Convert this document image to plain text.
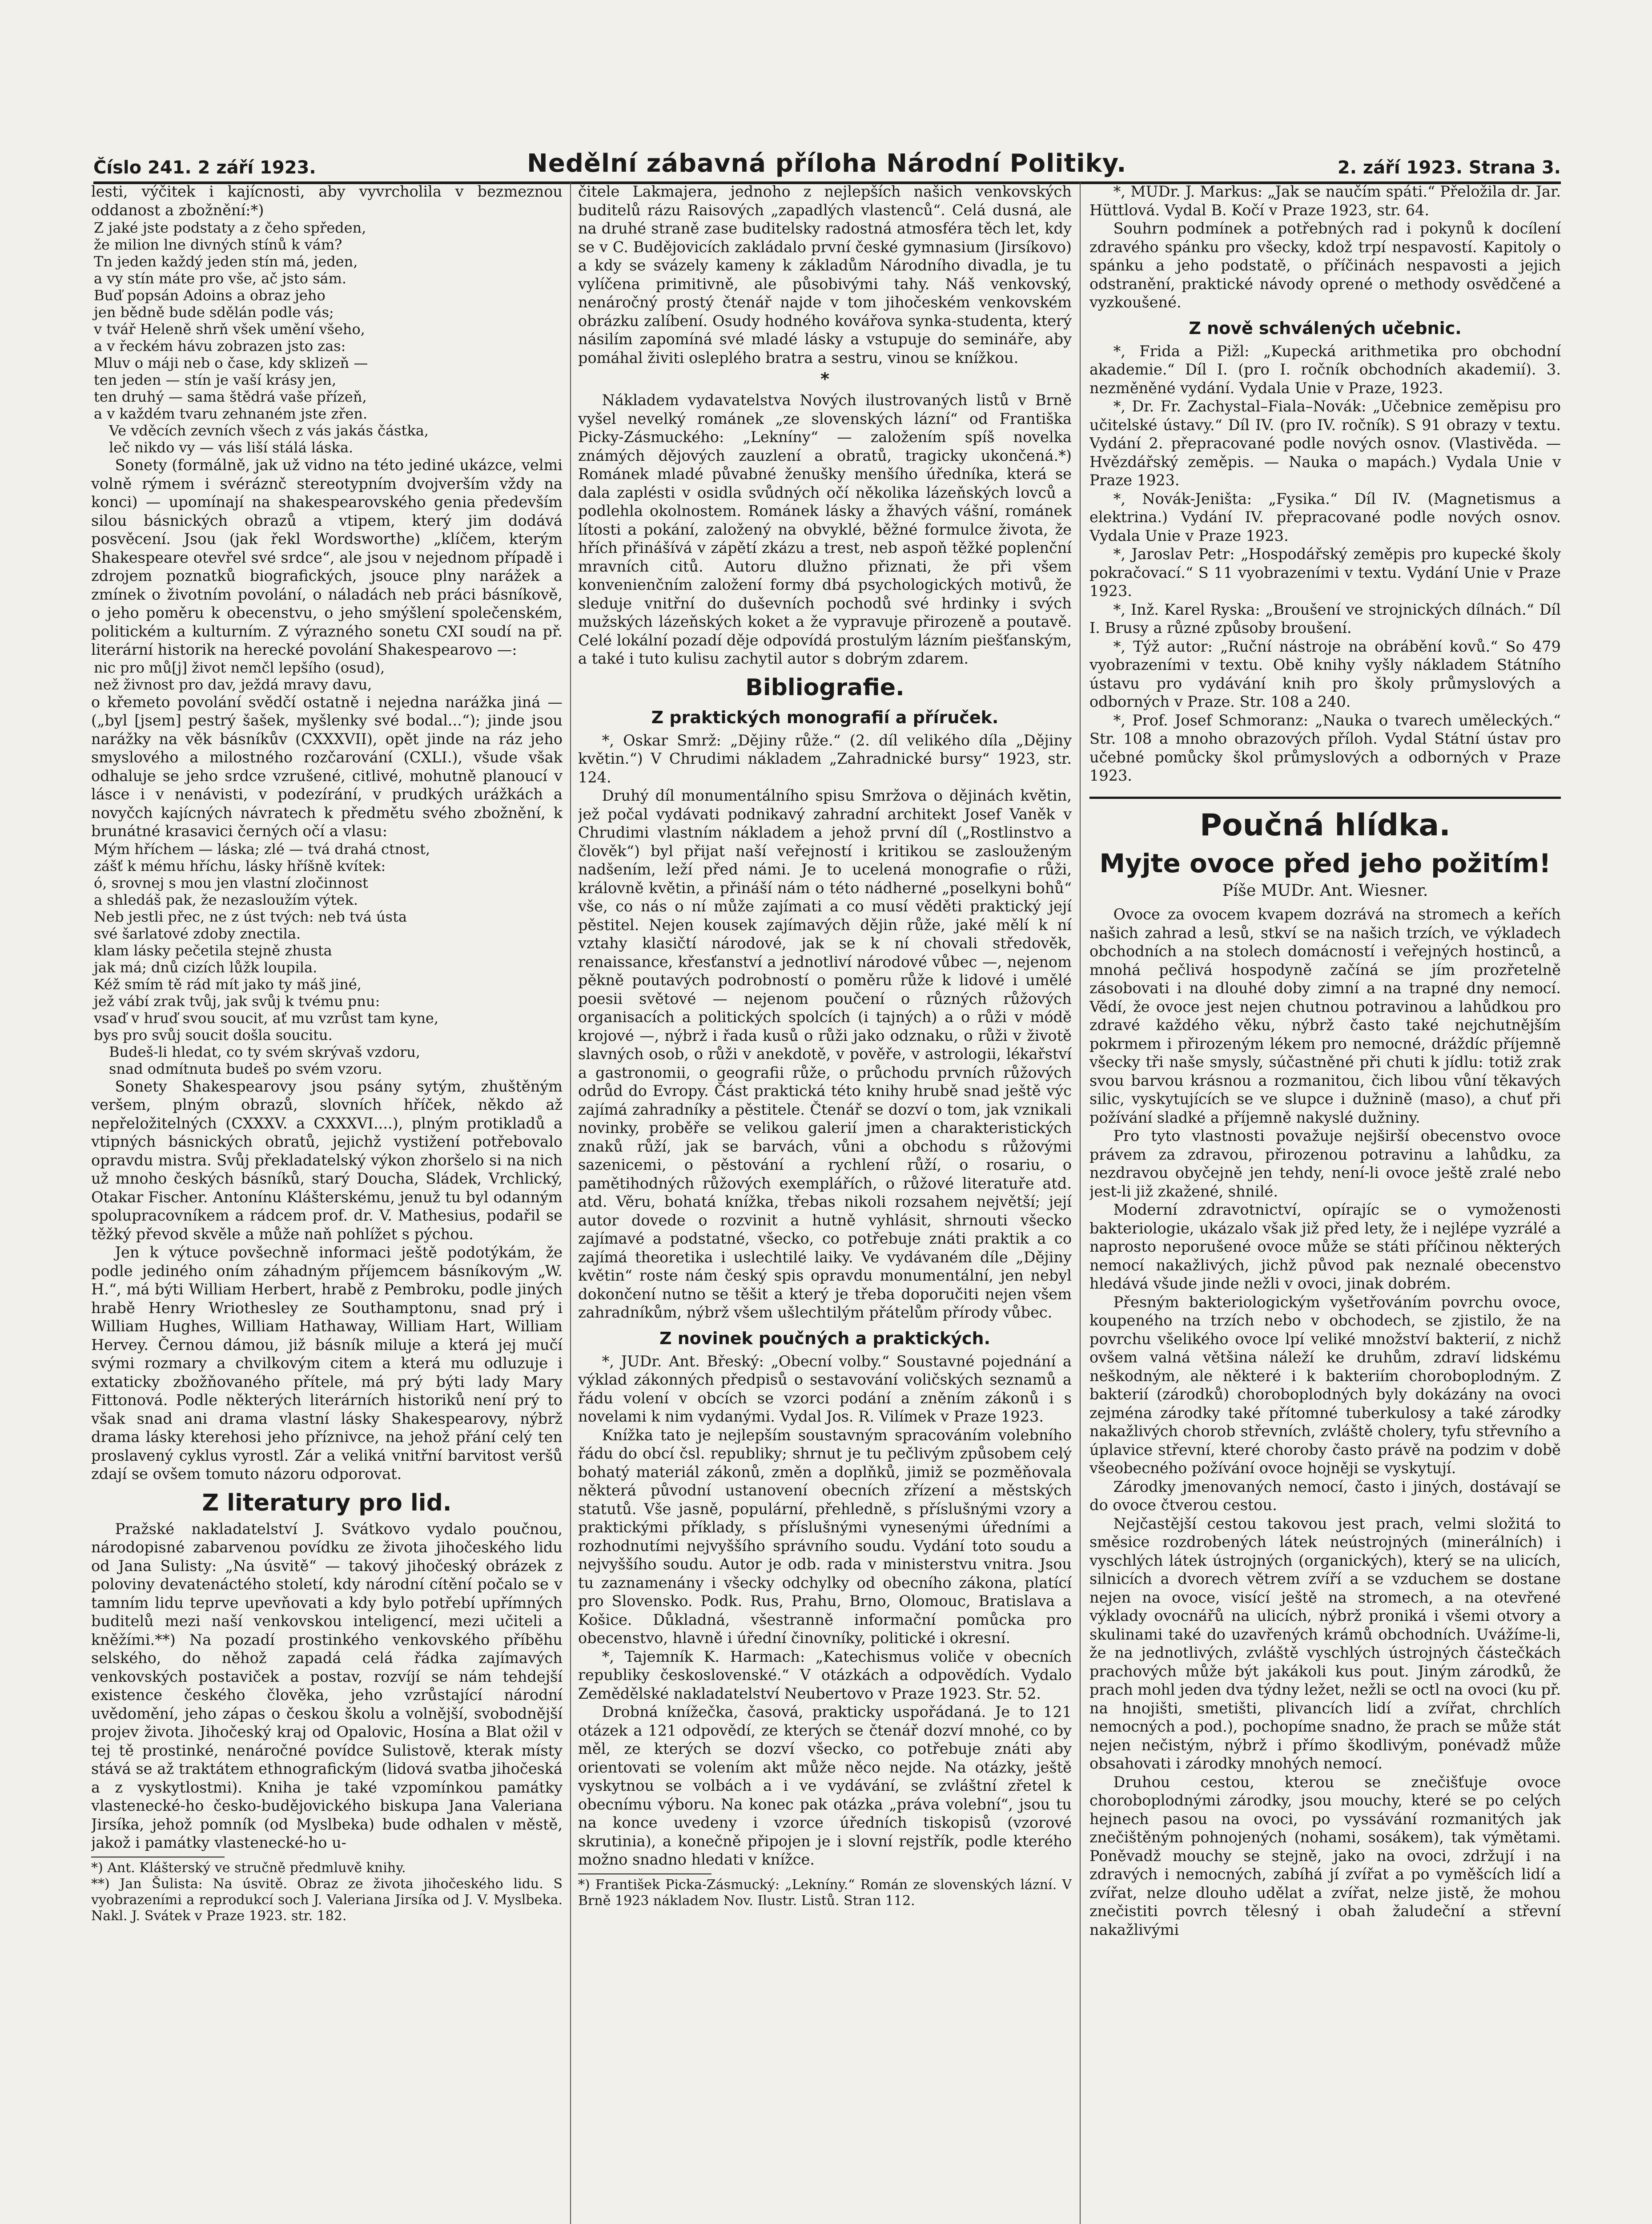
Číslo 241. 2 září 1923.	Nedělní zábavná příloha Národní Politiky.	2. září 1923. Strana 3.

lesti, výčitek i kajícnosti, aby vyvrcholila v bezmeznou oddanost a zbožnění:*)

Z jaké jste podstaty a z čeho spředen,
že milion lne divných stínů k vám?
Tn jeden každý jeden stín má, jeden,
a vy stín máte pro vše, ač jsto sám.
Buď popsán Adoins a obraz jeho
jen bědně bude sdělán podle vás;
v tvář Heleně shrň všek umění všeho,
a v řeckém hávu zobrazen jsto zas:
Mluv o máji neb o čase, kdy sklizeň —
ten jeden — stín je vaší krásy jen,
ten druhý — sama štědrá vaše přízeň,
a v každém tvaru zehnaném jste zřen.
Ve vděcích zevních všech z vás jakás částka,
leč nikdo vy — vás liší stálá láska.

Sonety (formálně, jak už vidno na této jediné ukázce, velmi volně rýmem i svéráznč stereotypním dvojverším vždy na konci) — upomínají na shakespearovského genia především silou básnických obrazů a vtipem, který jim dodává posvěcení. Jsou (jak řekl Wordsworthe) „klíčem, kterým Shakespeare otevřel své srdce“, ale jsou v nejednom případě i zdrojem poznatků biografických, jsouce plny narážek a zmínek o životním povolání, o náladách neb práci básníkově, o jeho poměru k obecenstvu, o jeho smýšlení společenském, politickém a kulturním. Z výrazného sonetu CXI soudí na př. literární historik na herecké povolání Shakespearovo —:

nic pro mů[j] život nemčl lepšího (osud),
než živnost pro dav, ježdá mravy davu,

o křemeto povolání svědčí ostatně i nejedna narážka jiná — („byl [jsem] pestrý šašek, myšlenky své bodal...“); jinde jsou narážky na věk básníkův (CXXXVII), opět jinde na ráz jeho smyslového a milostného rozčarování (CXLI.), všude však odhaluje se jeho srdce vzrušené, citlivé, mohutně planoucí v lásce i v nenávisti, v podezírání, v prudkých urážkách a novyčch kajícných návratech k předmětu svého zbožnění, k brunátné krasavici černých očí a vlasu:

Mým hříchem — láska; zlé — tvá drahá ctnost,
zášť k mému hříchu, lásky hříšně kvítek:
ó, srovnej s mou jen vlastní zločinnost
a shledáš pak, že nezasloužím výtek.
Neb jestli přec, ne z úst tvých: neb tvá ústa
své šarlatové zdoby znectila.
klam lásky pečetila stejně zhusta
jak má; dnů cizích lůžk loupila.
Kéž smím tě rád mít jako ty máš jiné,
jež vábí zrak tvůj, jak svůj k tvému pnu:
vsaď v hruď svou soucit, ať mu vzrůst tam kyne,
bys pro svůj soucit došla soucitu.
Budeš-li hledat, co ty svém skrývaš vzdoru,
snad odmítnuta budeš po svém vzoru.

Sonety Shakespearovy jsou psány sytým, zhuštěným veršem, plným obrazů, slovních hříček, někdo až nepřeložitelných (CXXXV. a CXXXVI....), plným protikladů a vtipných básnických obratů, jejichž vystižení potřebovalo opravdu mistra. Svůj překladatelský výkon zhoršelo si na nich už mnoho českých básníků, starý Doucha, Sládek, Vrchlický, Otakar Fischer. Antonínu Klášterskému, jenuž tu byl odanným spolupracovníkem a rádcem prof. dr. V. Mathesius, podařil se těžký převod skvěle a může naň pohlížet s pýchou.

Jen k výtuce povšechně informaci ještě podotýkám, že podle jediného oním záhadným příjemcem básníkovým „W. H.“, má býti William Herbert, hrabě z Pembroku, podle jiných hrabě Henry Wriothesley ze Southamptonu, snad prý i William Hughes, William Hathaway, William Hart, William Hervey. Černou dámou, již básník miluje a která jej mučí svými rozmary a chvilkovým citem a která mu odluzuje i extaticky zbožňovaného přítele, má prý býti lady Mary Fittonová. Podle některých literárních historiků není prý to však snad ani drama vlastní lásky Shakespearovy, nýbrž drama lásky kterehosi jeho příznivce, na jehož přání celý ten proslavený cyklus vyrostl. Zár a veliká vnitřní barvitost veršů zdají se ovšem tomuto názoru odporovat.

Z literatury pro lid.

Pražské nakladatelství J. Svátkovo vydalo poučnou, národopisné zabarvenou povídku ze života jihočeského lidu od Jana Sulisty: „Na úsvitě“ — takový jihočeský obrázek z poloviny devatenáctého století, kdy národní cítění počalo se v tamním lidu teprve upevňovati a kdy bylo potřebí upřímných buditelů mezi naší venkovskou inteligencí, mezi učiteli a kněžími.**) Na pozadí prostinkého venkovského příběhu selského, do něhož zapadá celá řádka zajímavých venkovských postaviček a postav, rozvíjí se nám tehdejší existence českého člověka, jeho vzrůstající národní uvědomění, jeho zápas o českou školu a volnější, svobodnější projev života. Jihočeský kraj od Opalovic, Hosína a Blat ožil v tej tě prostinké, nenáročné povídce Sulistově, kterak místy stává se až traktátem ethnografickým (lidová svatba jihočeská a z vyskytlostmi). Kniha je také vzpomínkou památky vlastenecké-ho česko-budějovického biskupa Jana Valeriana Jirsíka, jehož pomník (od Myslbeka) bude odhalen v městě, jakož i památky vlastenecké-ho u-

*) Ant. Klášterský ve stručně předmluvě knihy.

**) Jan Šulista: Na úsvitě. Obraz ze života jihočeského lidu. S vyobrazeními a reprodukcí soch J. Valeriana Jirsíka od J. V. Myslbeka. Nakl. J. Svátek v Praze 1923. str. 182.

čitele Lakmajera, jednoho z nejlepších našich venkovských buditelů rázu Raisových „zapadlých vlastenců“. Celá dusná, ale na druhé straně zase buditelsky radostná atmosféra těch let, kdy se v C. Budějovicích zakládalo první české gymnasium (Jirsíkovo) a kdy se svázely kameny k základům Národního divadla, je tu vylíčena primitivně, ale působivými tahy. Náš venkovský, nenáročný prostý čtenář najde v tom jihočeském venkovském obrázku zalíbení. Osudy hodného kovářova synka-studenta, který násilím zapomíná své mladé lásky a vstupuje do semináře, aby pomáhal živiti osleplého bratra a sestru, vinou se knížkou.

*

Nákladem vydavatelstva Nových ilustrovaných listů v Brně vyšel nevelký románek „ze slovenských lázní“ od Františka Picky-Zásmuckého: „Lekníny“ — založením spíš novelka známých dějových zauzlení a obratů, tragicky ukončená.*) Románek mladé půvabné ženušky menšího úředníka, která se dala zaplésti v osidla svůdných očí několika lázeňských lovců a podlehla okolnostem. Románek lásky a žhavých vášní, románek lítosti a pokání, založený na obvyklé, běžné formulce života, že hřích přinášívá v zápětí zkázu a trest, neb aspoň těžké poplenční mravních citů. Autoru dlužno přiznati, že při všem konvenienčním založení formy dbá psychologických motivů, že sleduje vnitřní do duševních pochodů své hrdinky i svých mužských lázeňských koket a že vypravuje přirozeně a poutavě. Celé lokální pozadí děje odpovídá prostulým lázním piešťanským, a také i tuto kulisu zachytil autor s dobrým zdarem.

Bibliografie.
Z praktických monografií a příruček.

*, Oskar Smrž: „Dějiny růže.“ (2. díl velikého díla „Dějiny květin.“) V Chrudimi nákladem „Zahradnické bursy“ 1923, str. 124.

Druhý díl monumentálního spisu Smržova o dějinách květin, jež počal vydávati podnikavý zahradní architekt Josef Vaněk v Chrudimi vlastním nákladem a jehož první díl („Rostlinstvo a člověk“) byl přijat naší veřejností i kritikou se zaslouženým nadšením, leží před námi. Je to ucelená monografie o růži, královně květin, a přináší nám o této nádherné „poselkyni bohů“ vše, co nás o ní může zajímati a co musí věděti praktický její pěstitel. Nejen kousek zajímavých dějin růže, jaké mělí k ní vztahy klasičtí národové, jak se k ní chovali středověk, renaissance, křesťanství a jednotliví národové vůbec —, nejenom pěkně poutavých podrobností o poměru růže k lidové i umělé poesii světové — nejenom poučení o různých růžových organisacích a politických spolcích (i tajných) a o růži v módě krojové —, nýbrž i řada kusů o růži jako odznaku, o růži v životě slavných osob, o růži v anekdotě, v pověře, v astrologii, lékařství a gastronomii, o geografii růže, o průchodu prvních růžových odrůd do Evropy. Část praktická této knihy hrubě snad ještě výc zajímá zahradníky a pěstitele. Čtenář se dozví o tom, jak vznikali novinky, proběře se velikou galerií jmen a charakteristických znaků růží, jak se barvách, vůni a obchodu s růžovými sazenicemi, o pěstování a rychlení růží, o rosariu, o pamětihodných růžových exemplářích, o růžové literatuře atd. atd. Věru, bohatá knížka, třebas nikoli rozsahem největší; její autor dovede o rozvinit a hutně vyhlásit, shrnouti všecko zajímavé a podstatné, všecko, co potřebuje znáti praktik a co zajímá theoretika i uslechtilé laiky. Ve vydávaném díle „Dějiny květin“ roste nám český spis opravdu monumentální, jen nebyl dokončení nutno se těšit a který je třeba doporučiti nejen všem zahradníkům, nýbrž všem ušlechtilým přátelům přírody vůbec.

Z novinek poučných a praktických.

*, JUDr. Ant. Břeský: „Obecní volby.“ Soustavné pojednání a výklad zákonných předpisů o sestavování voličských seznamů a řádu volení v obcích se vzorci podání a zněním zákonů i s novelami k nim vydanými. Vydal Jos. R. Vilímek v Praze 1923.

Knížka tato je nejlepším soustavným spracováním volebního řádu do obcí čsl. republiky; shrnut je tu pečlivým způsobem celý bohatý materiál zákonů, změn a doplňků, jimiž se pozměňovala některá původní ustanovení obecních zřízení a městských statutů. Vše jasně, populární, přehledně, s příslušnými vzory a praktickými příklady, s příslušnými vynesenými úředními a rozhodnutími nejvyššího správního soudu. Vydání toto soudu a nejvyššího soudu. Autor je odb. rada v ministerstvu vnitra. Jsou tu zaznamenány i všecky odchylky od obecního zákona, platící pro Slovensko. Podk. Rus, Prahu, Brno, Olomouc, Bratislava a Košice. Důkladná, všestranně informační pomůcka pro obecenstvo, hlavně i úřední činovníky, politické i okresní.

*, Tajemník K. Harmach: „Katechismus voliče v obecních republiky československé.“ V otázkách a odpovědích. Vydalo Zemědělské nakladatelství Neubertovo v Praze 1923. Str. 52.

Drobná knížečka, časová, prakticky uspořádaná. Je to 121 otázek a 121 odpovědí, ze kterých se čtenář dozví mnohé, co by měl, ze kterých se dozví všecko, co potřebuje znáti aby orientovati se volením akt může něco nejde. Na otázky, ještě vyskytnou se volbách a i ve vydávání, se zvláštní zřetel k obecnímu výboru. Na konec pak otázka „práva volební“, jsou tu na konce uvedeny i vzorce úředních tiskopisů (vzorové skrutinia), a konečně připojen je i slovní rejstřík, podle kterého možno snadno hledati v knížce.

*) František Picka-Zásmucký: „Lekníny.“ Román ze slovenských lázní. V Brně 1923 nákladem Nov. Ilustr. Listů. Stran 112.

*, MUDr. J. Markus: „Jak se naučím spáti.“ Přeložila dr. Jar. Hüttlová. Vydal B. Kočí v Praze 1923, str. 64.

Souhrn podmínek a potřebných rad i pokynů k docílení zdravého spánku pro všecky, kdož trpí nespavostí. Kapitoly o spánku a jeho podstatě, o příčinách nespavosti a jejich odstranění, praktické návody oprené o methody osvědčené a vyzkoušené.

Z nově schválených učebnic.

*, Frida a Pižl: „Kupecká arithmetika pro obchodní akademie.“ Díl I. (pro I. ročník obchodních akademií). 3. nezměněné vydání. Vydala Unie v Praze, 1923.

*, Dr. Fr. Zachystal–Fiala–Novák: „Učebnice zeměpisu pro učitelské ústavy.“ Díl IV. (pro IV. ročník). S 91 obrazy v textu. Vydání 2. přepracované podle nových osnov. (Vlastivěda. — Hvězdářský zeměpis. — Nauka o mapách.) Vydala Unie v Praze 1923.

*, Novák-Jeništa: „Fysika.“ Díl IV. (Magnetismus a elektrina.) Vydání IV. přepracované podle nových osnov. Vydala Unie v Praze 1923.

*, Jaroslav Petr: „Hospodářský zeměpis pro kupecké školy pokračovací.“ S 11 vyobrazeními v textu. Vydání Unie v Praze 1923.

*, Inž. Karel Ryska: „Broušení ve strojnických dílnách.“ Díl I. Brusy a různé způsoby broušení.

*, Týž autor: „Ruční nástroje na obrábění kovů.“ So 479 vyobrazeními v textu. Obě knihy vyšly nákladem Státního ústavu pro vydávání knih pro školy průmyslových a odborných v Praze. Str. 108 a 240.

*, Prof. Josef Schmoranz: „Nauka o tvarech uměleckých.“ Str. 108 a mnoho obrazových příloh. Vydal Státní ústav pro učebné pomůcky škol průmyslových a odborných v Praze 1923.

Poučná hlídka.
Myjte ovoce před jeho požitím!
Píše MUDr. Ant. Wiesner.

Ovoce za ovocem kvapem dozrává na stromech a keřích našich zahrad a lesů, stkví se na našich trzích, ve výkladech obchodních a na stolech domácností i veřejných hostinců, a mnohá pečlivá hospodyně začíná se jím prozřetelně zásobovati i na dlouhé doby zimní a na trapné dny nemocí. Vědí, že ovoce jest nejen chutnou potravinou a lahůdkou pro zdravé každého věku, nýbrž často také nejchutnějším pokrmem i přirozeným lékem pro nemocné, dráždíc příjemně všecky tři naše smysly, súčastněné při chuti k jídlu: totiž zrak svou barvou krásnou a rozmanitou, čich libou vůní těkavých silic, vyskytujících se ve slupce i dužnině (maso), a chuť při požívání sladké a příjemně nakyslé dužniny.

Pro tyto vlastnosti považuje nejširší obecenstvo ovoce právem za zdravou, přirozenou potravinu a lahůdku, za nezdravou obyčejně jen tehdy, není-li ovoce ještě zralé nebo jest-li již zkažené, shnilé.

Moderní zdravotnictví, opírajíc se o vymoženosti bakteriologie, ukázalo však již před lety, že i nejlépe vyzrálé a naprosto neporušené ovoce může se státi příčinou některých nemocí nakažlivých, jichž původ pak neznalé obecenstvo hledává všude jinde nežli v ovoci, jinak dobrém.

Přesným bakteriologickým vyšetřováním povrchu ovoce, koupeného na trzích nebo v obchodech, se zjistilo, že na povrchu všelikého ovoce lpí veliké množství bakterií, z nichž ovšem valná většina náleží ke druhům, zdraví lidskému neškodným, ale některé i k bakteriím choroboplodným. Z bakterií (zárodků) choroboplodných byly dokázány na ovoci zejména zárodky také přítomné tuberkulosy a také zárodky nakažlivých chorob střevních, zvláště cholery, tyfu střevního a úplavice střevní, které choroby často právě na podzim v době všeobecného požívání ovoce hojněji se vyskytují.

Zárodky jmenovaných nemocí, často i jiných, dostávají se do ovoce čtverou cestou.

Nejčastější cestou takovou jest prach, velmi složitá to směsice rozdrobených látek neústrojných (minerálních) i vyschlých látek ústrojných (organických), který se na ulicích, silnicích a dvorech větrem zvíří a se vzduchem se dostane nejen na ovoce, visící ještě na stromech, a na otevřené výklady ovocnářů na ulicích, nýbrž proniká i všemi otvory a skulinami také do uzavřených krámů obchodních. Uvážíme-li, že na jednotlivých, zvláště vyschlých ústrojných částečkách prachových může být jakákoli kus pout. Jiným zárodků, že prach mohl jeden dva týdny ležet, nežli se octl na ovoci (ku př. na hnojišti, smetišti, plivancích lidí a zvířat, chrchlích nemocných a pod.), pochopíme snadno, že prach se může stát nejen nečistým, nýbrž i přímo škodlivým, ponévadž může obsahovati i zárodky mnohých nemocí.

Druhou cestou, kterou se znečišťuje ovoce choroboplodnými zárodky, jsou mouchy, které se po celých hejnech pasou na ovoci, po vyssávání rozmanitých jak znečištěným pohnojených (nohami, sosákem), tak výmětami. Poněvadž mouchy se stejně, jako na ovoci, zdržují i na zdravých i nemocných, zabíhá jí zvířat a po vyměšcích lidí a zvířat, nelze dlouho udělat a zvířat, nelze jistě, že mohou znečistiti povrch tělesný i obah žaludeční a střevní nakažlivými
